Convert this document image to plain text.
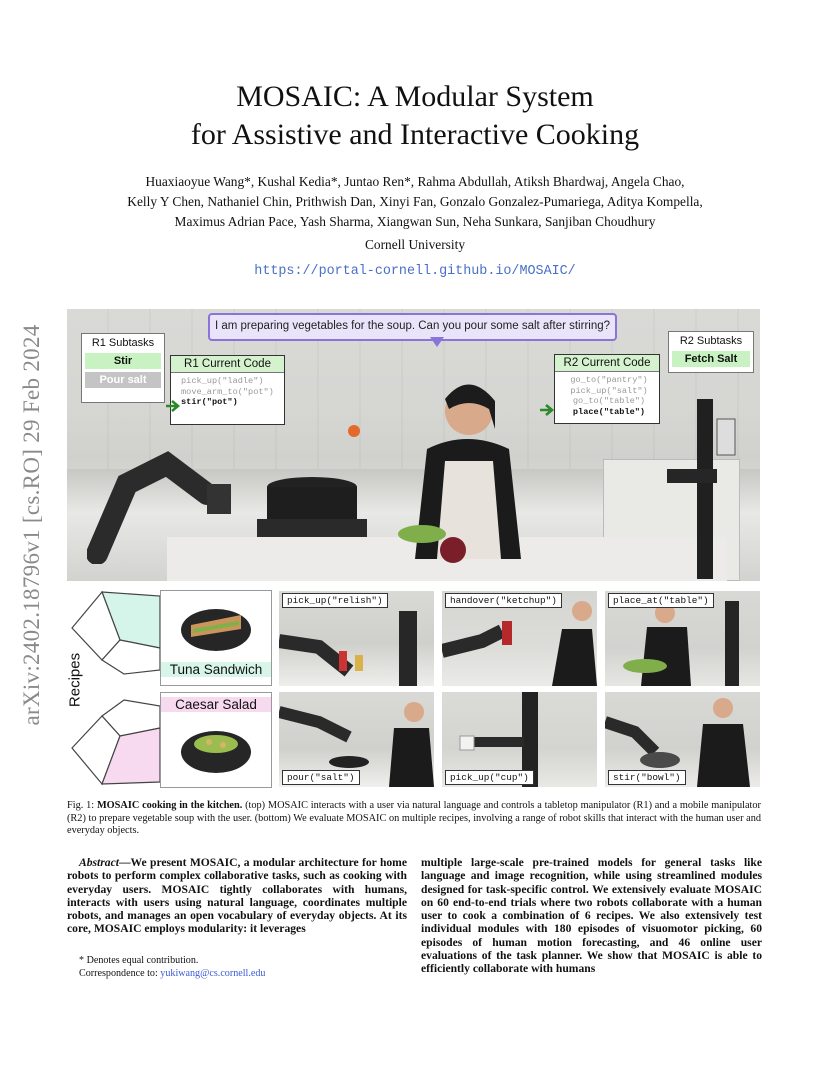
arXiv:2402.18796v1 [cs.RO] 29 Feb 2024
MOSAIC: A Modular System
for Assistive and Interactive Cooking
Huaxiaoyue Wang*, Kushal Kedia*, Juntao Ren*, Rahma Abdullah, Atiksh Bhardwaj, Angela Chao,
Kelly Y Chen, Nathaniel Chin, Prithwish Dan, Xinyi Fan, Gonzalo Gonzalez-Pumariega, Aditya Kompella,
Maximus Adrian Pace, Yash Sharma, Xiangwan Sun, Neha Sunkara, Sanjiban Choudhury
Cornell University
https://portal-cornell.github.io/MOSAIC/
I am preparing vegetables for the soup. Can you pour some salt after stirring?
R1 Subtasks
Stir
Pour salt
R1 Current Code
pick_up("ladle")
move_arm_to("pot")
stir("pot")
R2 Current Code
go_to("pantry")
pick_up("salt")
go_to("table")
place("table")
R2 Subtasks
Fetch Salt
Recipes	Tuna Sandwich
Caesar Salad
pick_up("relish")	handover("ketchup")	place_at("table")
pour("salt")	pick_up("cup")	stir("bowl")
Fig. 1: MOSAIC cooking in the kitchen. (top) MOSAIC interacts with a user via natural language and controls a tabletop manipulator (R1) and a mobile manipulator (R2) to prepare vegetable soup with the user. (bottom) We evaluate MOSAIC on multiple recipes, involving a range of robot skills that interact with the human user and everyday objects.
Abstract—We present MOSAIC, a modular architecture for home robots to perform complex collaborative tasks, such as cooking with everyday users. MOSAIC tightly collaborates with humans, interacts with users using natural language, coordinates multiple robots, and manages an open vocabulary of everyday objects. At its core, MOSAIC employs modularity: it leverages
multiple large-scale pre-trained models for general tasks like language and image recognition, while using streamlined modules designed for task-specific control. We extensively evaluate MOSAIC on 60 end-to-end trials where two robots collaborate with a human user to cook a combination of 6 recipes. We also extensively test individual modules with 180 episodes of visuomotor picking, 60 episodes of human motion forecasting, and 46 online user evaluations of the task planner. We show that MOSAIC is able to efficiently collaborate with humans
* Denotes equal contribution.
Correspondence to: yukiwang@cs.cornell.edu
